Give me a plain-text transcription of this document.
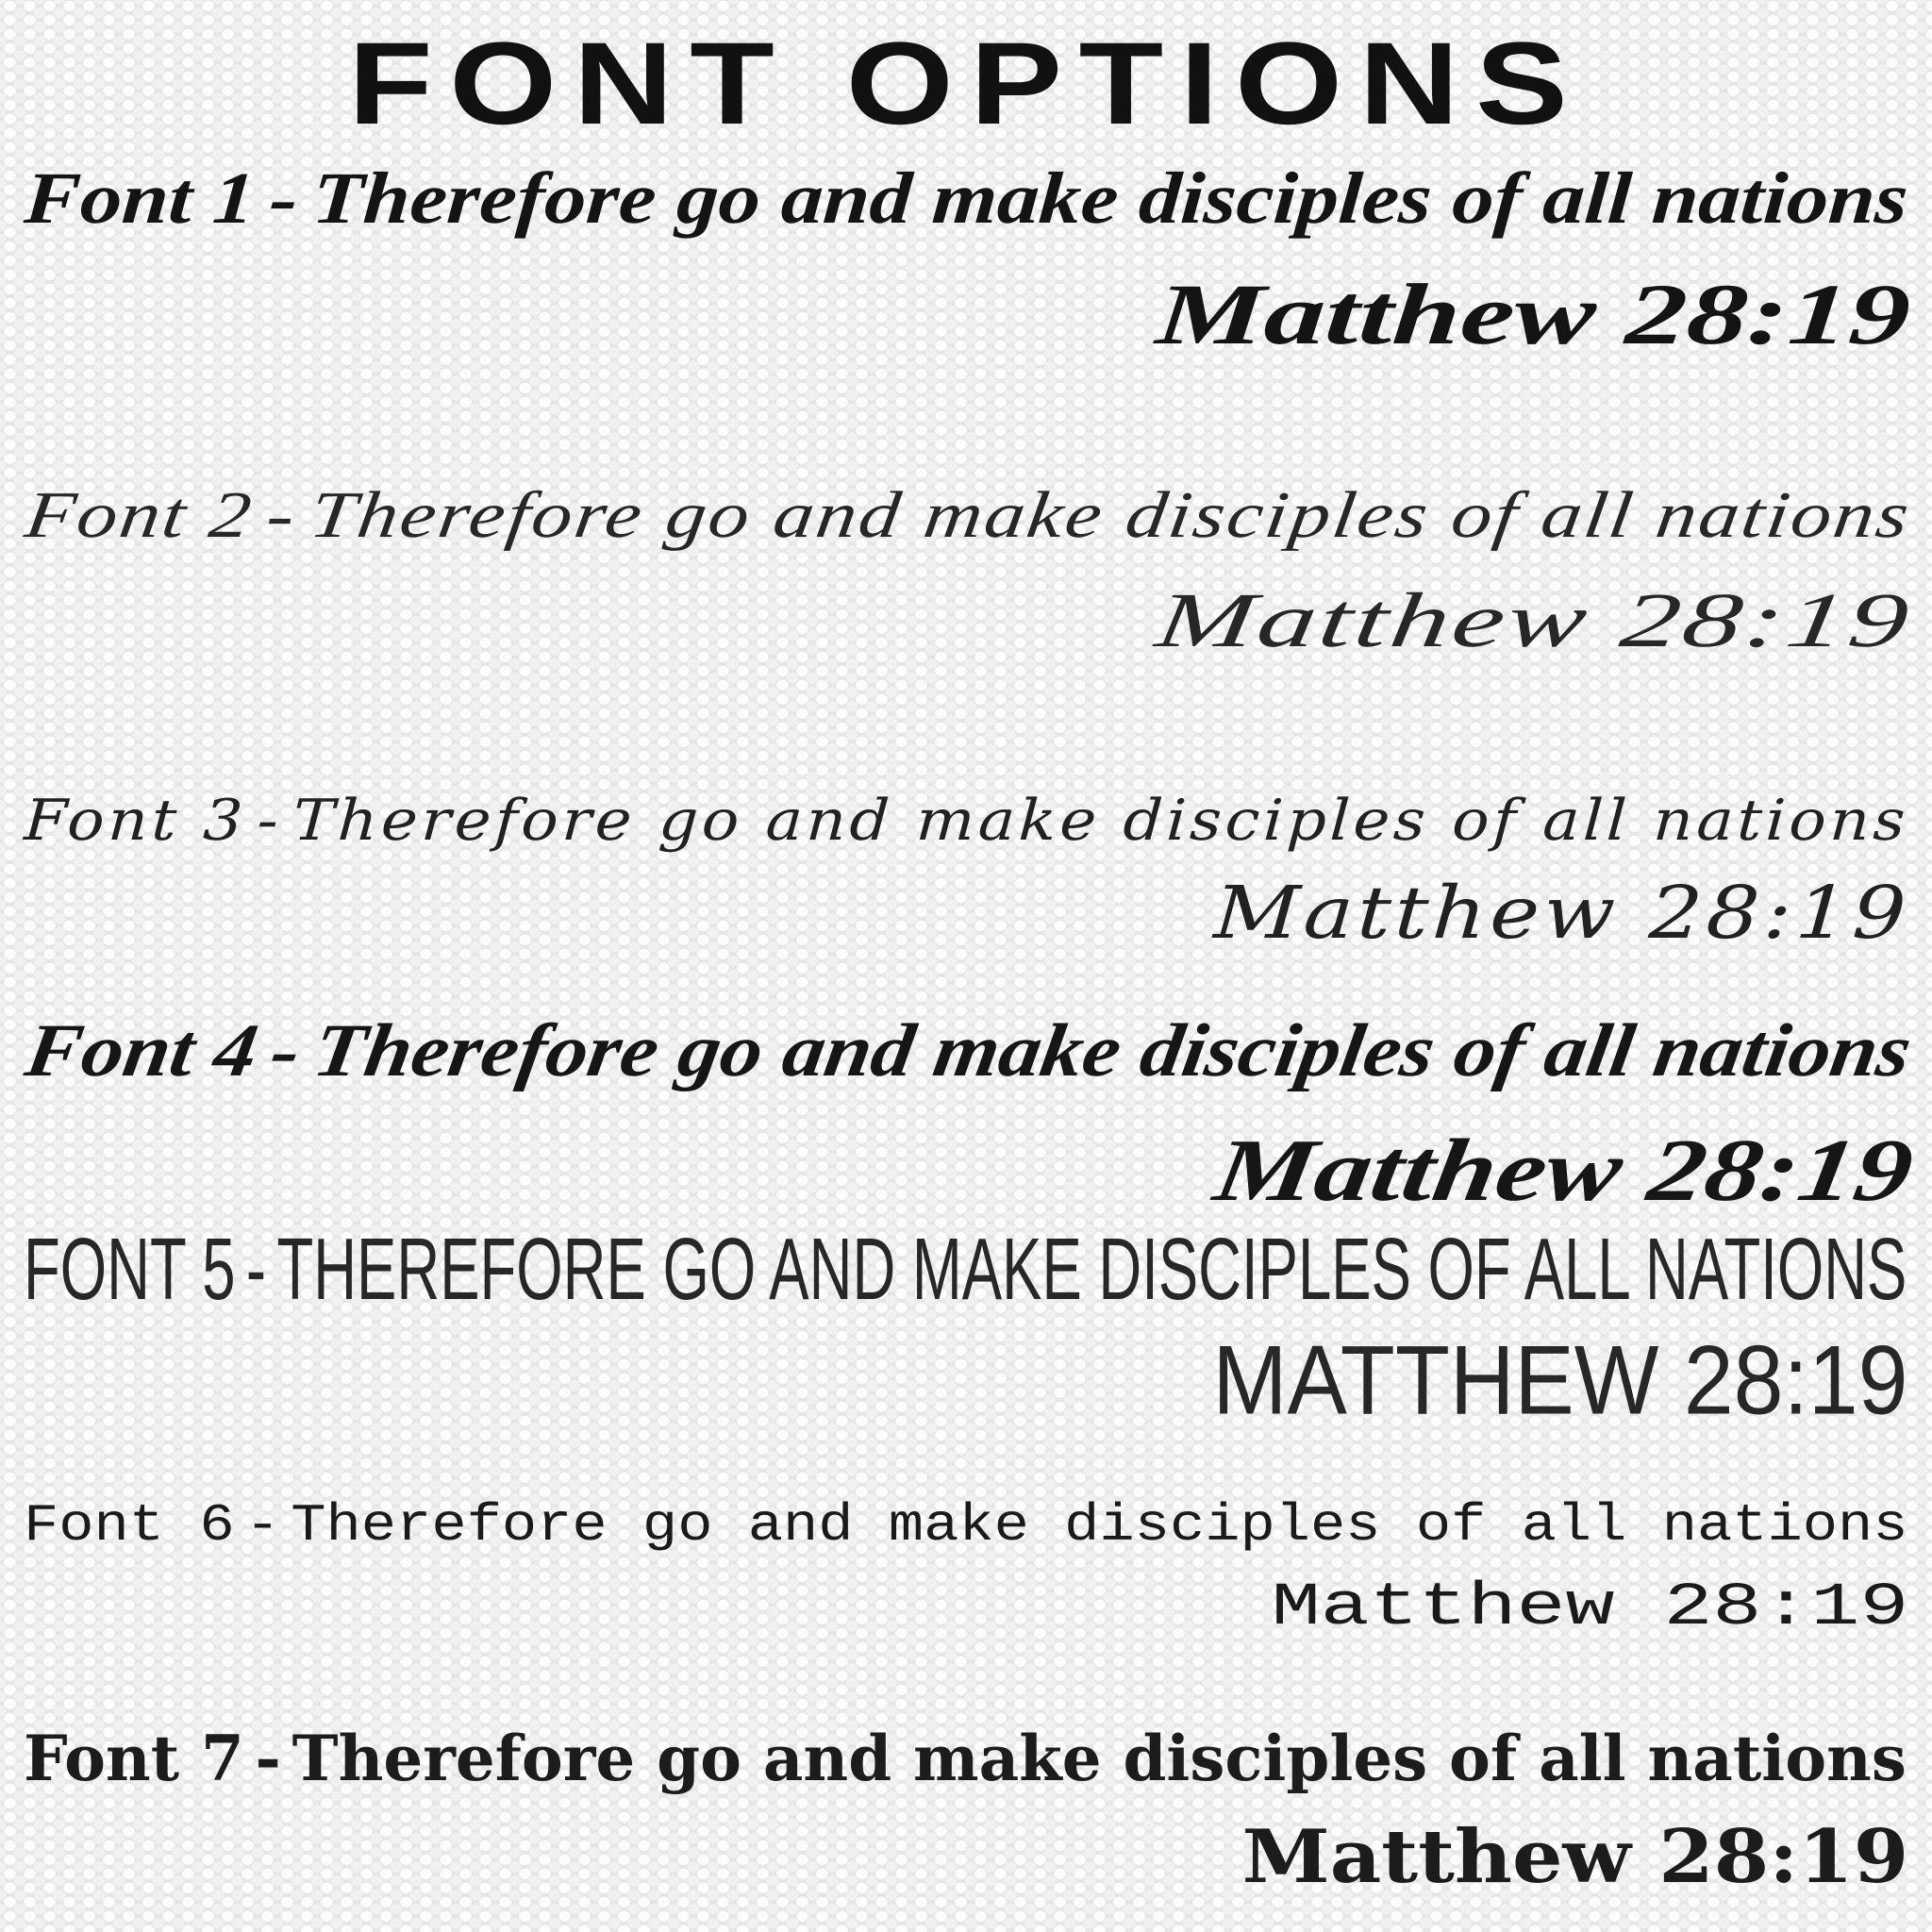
FONT OPTIONS
Font 1 - Therefore go and make disciples of all nations
Matthew 28:19
Font 2-Therefore go and make disciples of all nations
Matthew 28:19
Font 3 - Therefore go and make disciples of all nations
Matthew 28:19
Font 4-Therefore go and make disciples of all nations
Matthew 28:19
FONT 5 - THEREFORE GO AND MAKE DISCIPLES OF ALL NATIONS
MATTHEW 28:19
Font 6 - Therefore go and make disciples of all nations
Matthew 28:19
Font 7 - Therefore go and make disciples of all nations
Matthew 28:19
